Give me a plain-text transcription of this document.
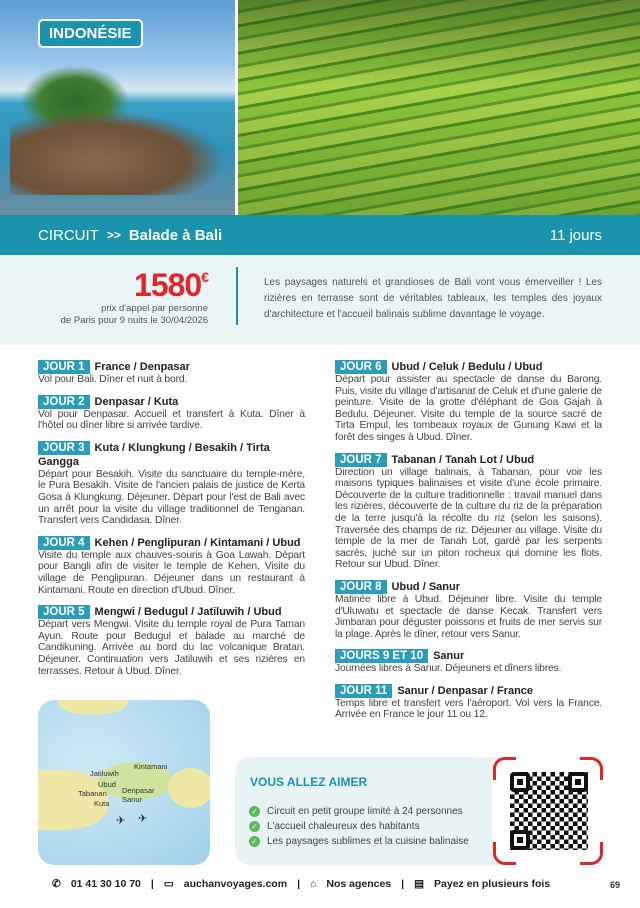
INDONÉSIE
CIRCUIT >> Balade à Bali	11 jours
1580€
prix d'appel par personne
de Paris pour 9 nuits le 30/04/2026
Les paysages naturels et grandioses de Bali vont vous émerveiller ! Les rizières en terrasse sont de véritables tableaux, les temples des joyaux d'architecture et l'accueil balinais sublime davantage le voyage.
JOUR 1 France / Denpasar
Vol pour Bali. Dîner et nuit à bord.
JOUR 2 Denpasar / Kuta
Vol pour Denpasar. Accueil et transfert à Kuta. Dîner à l'hôtel ou dîner libre si arrivée tardive.
JOUR 3 Kuta / Klungkung / Besakih / Tirta Gangga
Départ pour Besakih. Visite du sanctuaire du temple-mère, le Pura Besakih. Visite de l'ancien palais de justice de Kerta Gosa à Klungkung. Déjeuner. Départ pour l'est de Bali avec un arrêt pour la visite du village traditionnel de Tenganan. Transfert vers Candidasa. Dîner.
JOUR 4 Kehen / Penglipuran / Kintamani / Ubud
Visite du temple aux chauves-souris à Goa Lawah. Départ pour Bangli afin de visiter le temple de Kehen. Visite du village de Penglipuran. Déjeuner dans un restaurant à Kintamani. Route en direction d'Ubud. Dîner.
JOUR 5 Mengwi / Bedugul / Jatiluwih / Ubud
Départ vers Mengwi. Visite du temple royal de Pura Taman Ayun. Route pour Bedugul et balade au marché de Candikuning. Arrivée au bord du lac volcanique Bratan. Déjeuner. Continuation vers Jatiluwih et ses rizières en terrasses. Retour à Ubud. Dîner.
JOUR 6 Ubud / Celuk / Bedulu / Ubud
Départ pour assister au spectacle de danse du Barong. Puis, visite du village d'artisanat de Celuk et d'une galerie de peinture. Visite de la grotte d'éléphant de Goa Gajah à Bedulu. Déjeuner. Visite du temple de la source sacré de Tirta Empul, les tombeaux royaux de Gunung Kawi et la forêt des singes à Ubud. Dîner.
JOUR 7 Tabanan / Tanah Lot / Ubud
Direction un village balinais, à Tabanan, pour voir les maisons typiques balinaises et visite d'une école primaire. Découverte de la culture traditionnelle : travail manuel dans les rizières, découverte de la culture du riz de la préparation de la terre jusqu'à la récolte du riz (selon les saisons). Traversée des champs de riz. Déjeuner au village. Visite du temple de la mer de Tanah Lot, gardé par les serpents sacrés, juché sur un piton rocheux qui domine les flots. Retour sur Ubud. Dîner.
JOUR 8 Ubud / Sanur
Matinée libre à Ubud. Déjeuner libre. Visite du temple d'Uluwatu et spectacle de danse Kecak. Transfert vers Jimbaran pour déguster poissons et fruits de mer servis sur la plage. Après le dîner, retour vers Sanur.
JOURS 9 ET 10 Sanur
Journées libres à Sanur. Déjeuners et dîners libres.
JOUR 11 Sanur / Denpasar / France
Temps libre et transfert vers l'aéroport. Vol vers la France. Arrivée en France le jour 11 ou 12.
Kintamani
Jatiluwih
Ubud
Denpasar
Tabanan
Sanur
Kuta
✈ ✈
VOUS ALLEZ AIMER
✓ Circuit en petit groupe limité à 24 personnes
✓ L'accueil chaleureux des habitants
✓ Les paysages sublimes et la cuisine balinaise
✆ 01 41 30 10 70 | ▭ auchanvoyages.com | ⌂ Nos agences | ▤ Payez en plusieurs fois	69
